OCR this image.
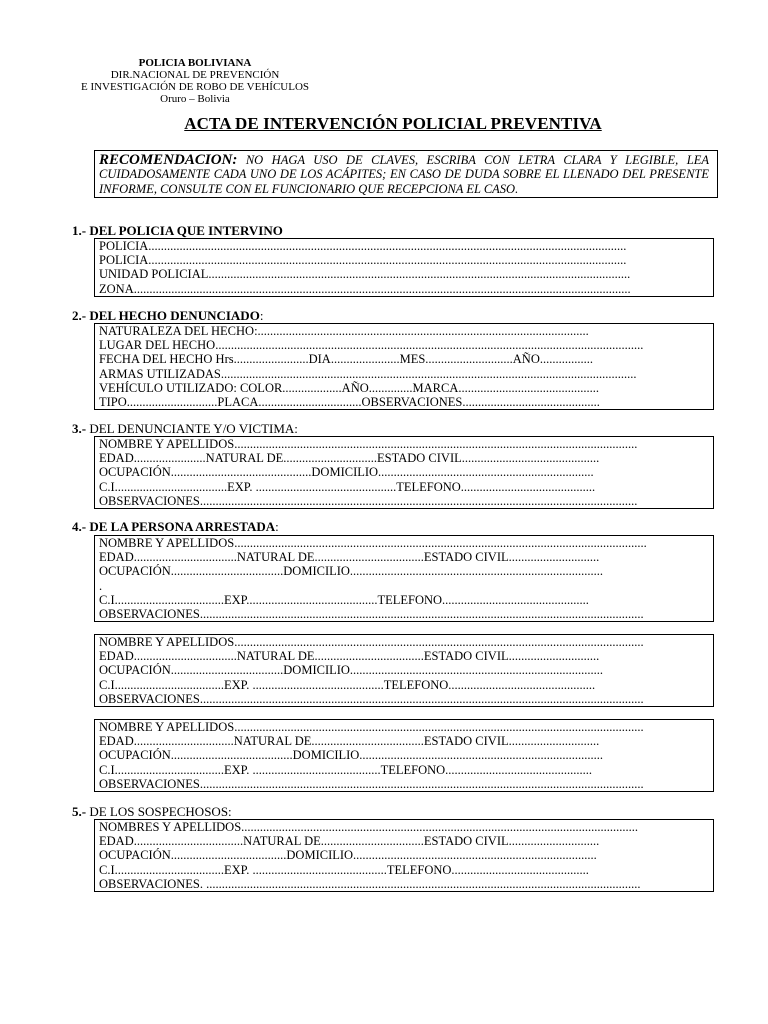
POLICIA BOLIVIANA
DIR.NACIONAL DE PREVENCIÓN
E INVESTIGACIÓN DE ROBO DE VEHÍCULOS
Oruro – Bolivia
ACTA DE INTERVENCIÓN POLICIAL PREVENTIVA
RECOMENDACION: NO HAGA USO DE CLAVES, ESCRIBA CON LETRA CLARA Y LEGIBLE, LEA CUIDADOSAMENTE CADA UNO DE LOS ACÁPITES; EN CASO DE DUDA SOBRE EL LLENADO DEL PRESENTE INFORME, CONSULTE CON EL FUNCIONARIO QUE RECEPCIONA EL CASO.
1.- DEL POLICIA QUE INTERVINO
POLICIA.........................................................................................................................................................
POLICIA.........................................................................................................................................................
UNIDAD POLICIAL.......................................................................................................................................
ZONA...............................................................................................................................................................
2.- DEL HECHO DENUNCIADO:
NATURALEZA DEL HECHO:..........................................................................................................
LUGAR DEL HECHO.........................................................................................................................................
FECHA DEL HECHO Hrs........................DIA......................MES............................AÑO.................
ARMAS UTILIZADAS.....................................................................................................................................
VEHÍCULO UTILIZADO: COLOR...................AÑO..............MARCA.............................................
TIPO.............................PLACA.................................OBSERVACIONES............................................
3.- DEL DENUNCIANTE Y/O VICTIMA:
NOMBRE Y APELLIDOS.................................................................................................................................
EDAD.......................NATURAL DE..............................ESTADO CIVIL............................................
OCUPACIÓN.............................................DOMICILIO.....................................................................
C.I....................................EXP. .............................................TELEFONO...........................................
OBSERVACIONES............................................................................................................................................
4.- DE LA PERSONA ARRESTADA:
NOMBRE Y APELLIDOS....................................................................................................................................
EDAD.................................NATURAL DE...................................ESTADO CIVIL.............................
OCUPACIÓN....................................DOMICILIO.................................................................................
.
C.I...................................EXP..........................................TELEFONO...............................................
OBSERVACIONES..............................................................................................................................................
NOMBRE Y APELLIDOS...................................................................................................................................
EDAD.................................NATURAL DE...................................ESTADO CIVIL.............................
OCUPACIÓN....................................DOMICILIO.................................................................................
C.I...................................EXP. ..........................................TELEFONO...............................................
OBSERVACIONES..............................................................................................................................................
NOMBRE Y APELLIDOS...................................................................................................................................
EDAD................................NATURAL DE....................................ESTADO CIVIL.............................
OCUPACIÓN.......................................DOMICILIO..............................................................................
C.I...................................EXP. .........................................TELEFONO...............................................
OBSERVACIONES..............................................................................................................................................
5.- DE LOS SOSPECHOSOS:
NOMBRES Y APELLIDOS...............................................................................................................................
EDAD...................................NATURAL DE.................................ESTADO CIVIL.............................
OCUPACIÓN.....................................DOMICILIO..............................................................................
C.I...................................EXP. ...........................................TELEFONO............................................
OBSERVACIONES. ...........................................................................................................................................
